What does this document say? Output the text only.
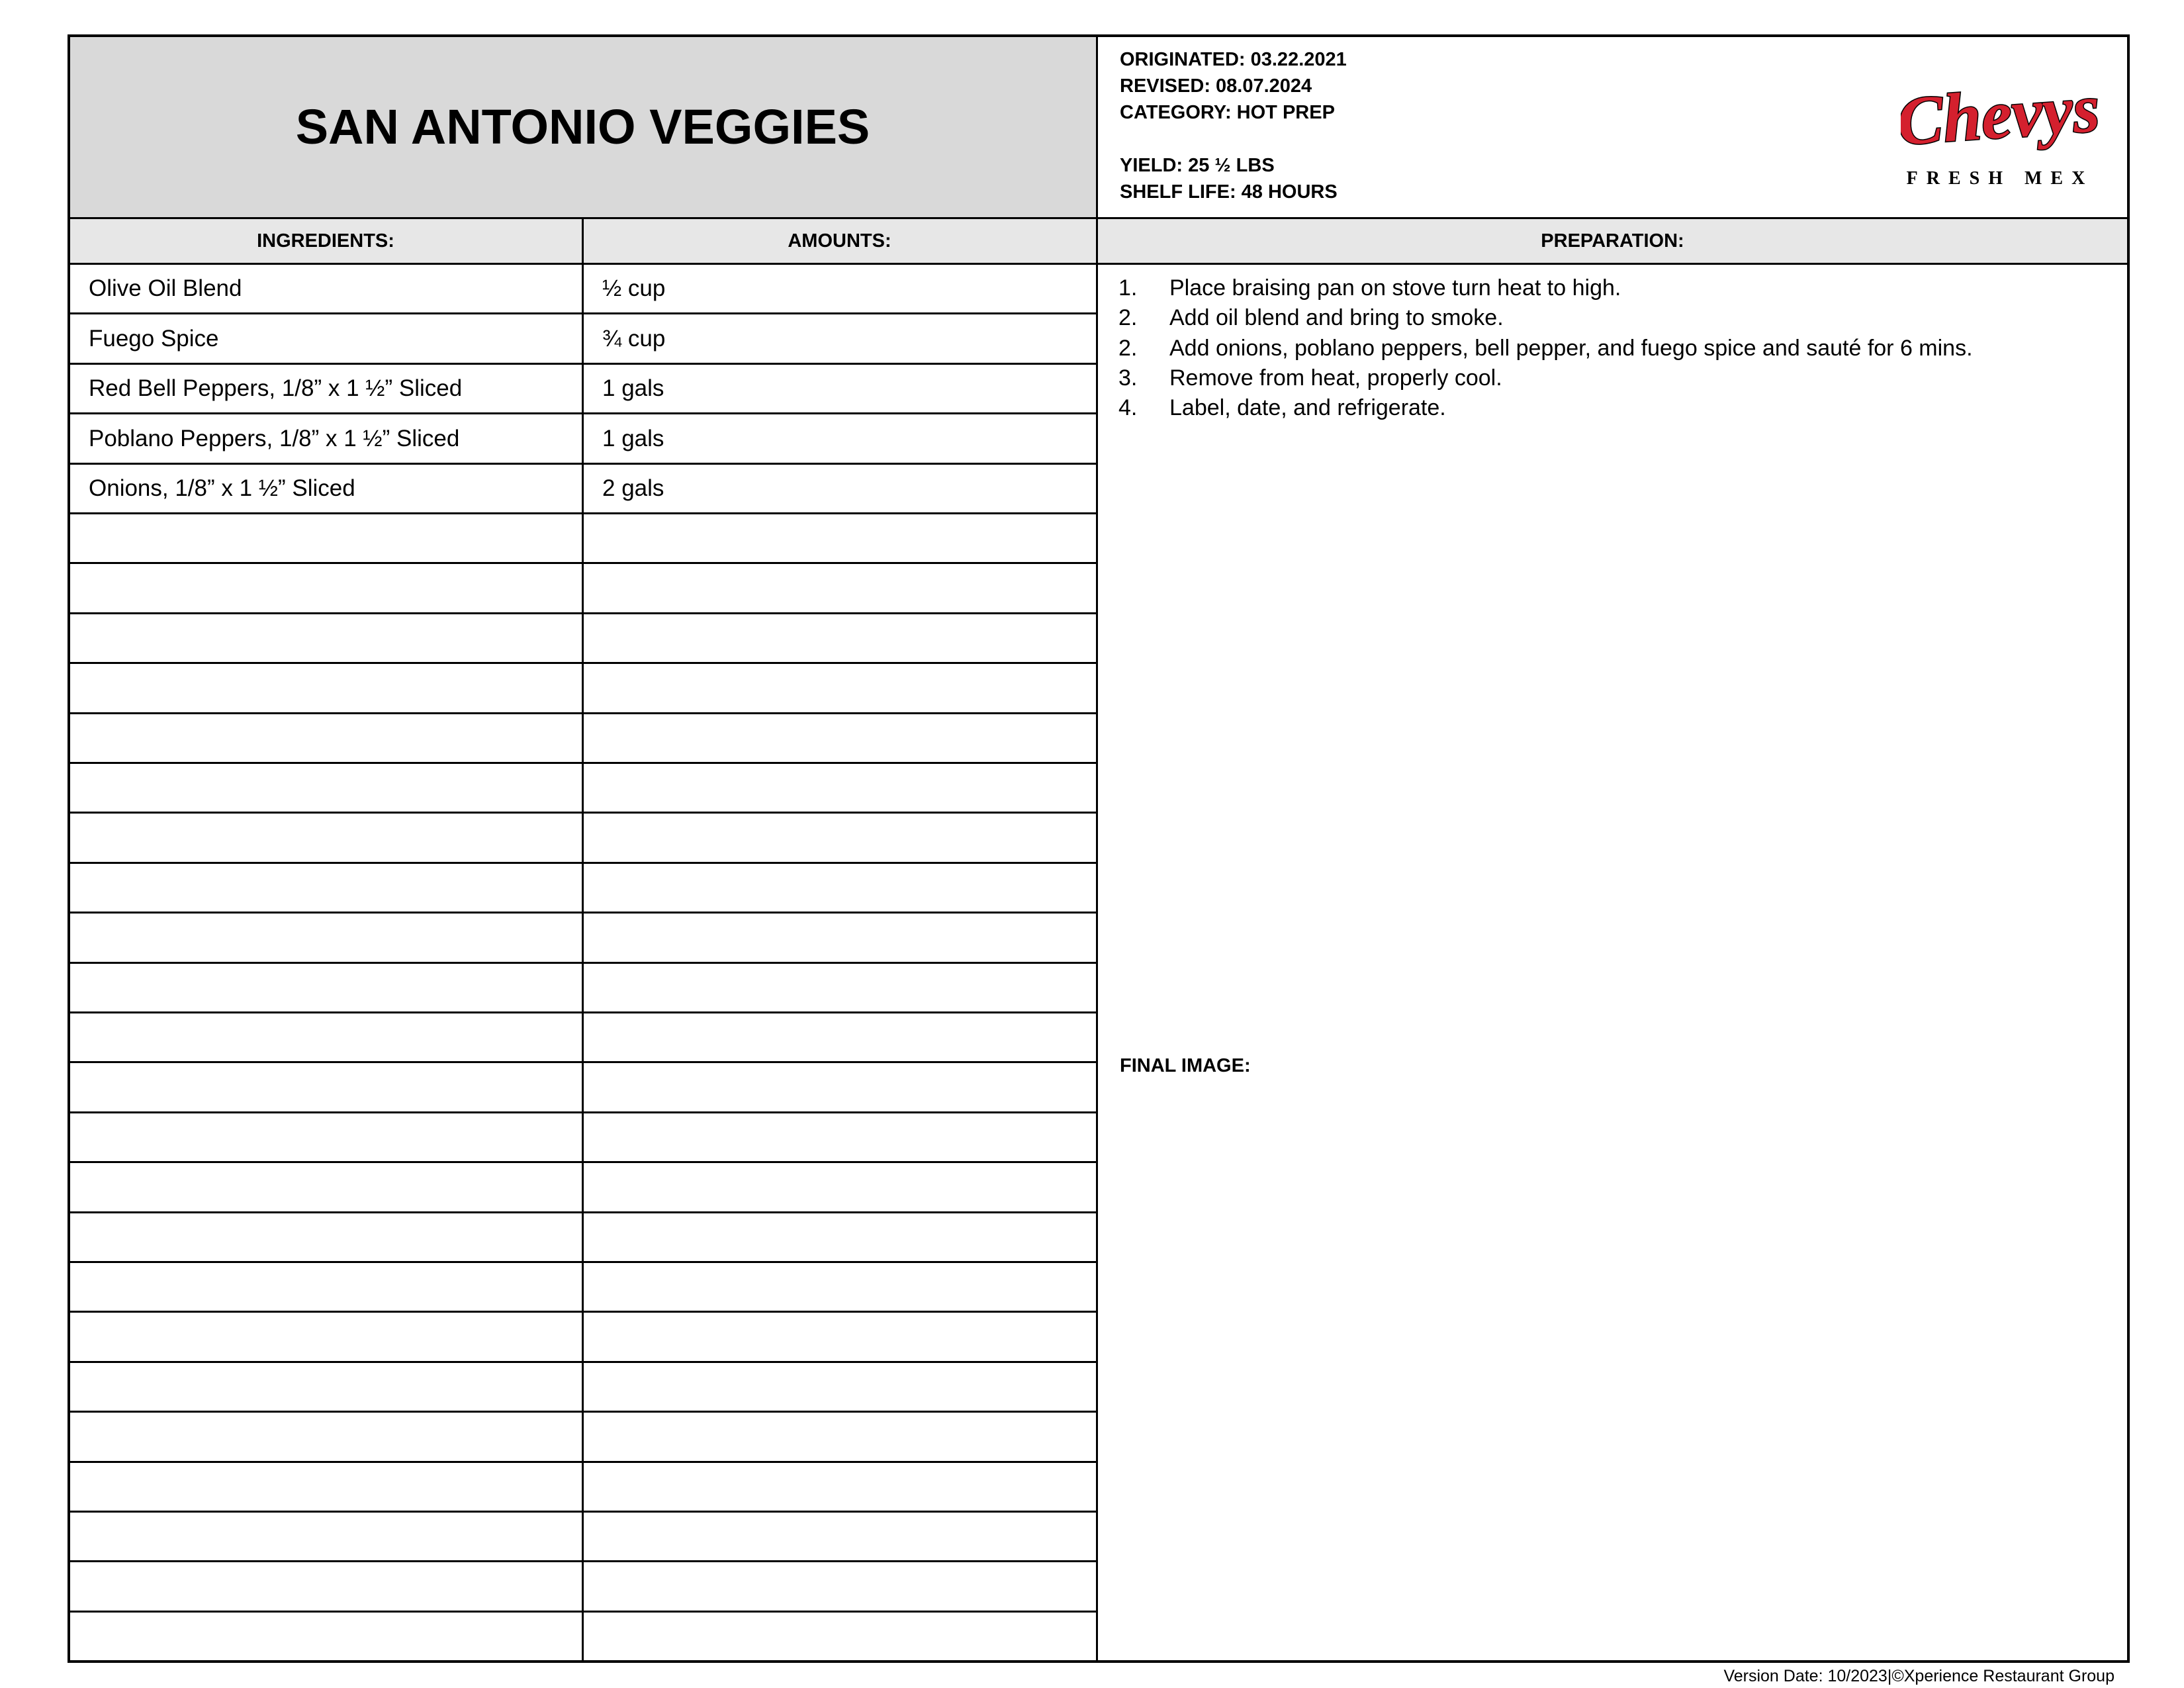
SAN ANTONIO VEGGIES
ORIGINATED: 03.22.2021
REVISED: 08.07.2024
CATEGORY: HOT PREP
YIELD: 25 ½ LBS
SHELF LIFE: 48 HOURS
Chevys
FRESH MEX
INGREDIENTS:	AMOUNTS:	PREPARATION:
Olive Oil Blend	½ cup
Fuego Spice	¾ cup
Red Bell Peppers, 1/8” x 1 ½” Sliced	1 gals
Poblano Peppers, 1/8” x 1 ½” Sliced	1 gals
Onions, 1/8” x 1 ½” Sliced	2 gals
1. Place braising pan on stove turn heat to high.
2. Add oil blend and bring to smoke.
2. Add onions, poblano peppers, bell pepper, and fuego spice and sauté for 6 mins.
3. Remove from heat, properly cool.
4. Label, date, and refrigerate.
FINAL IMAGE:
Version Date: 10/2023|©Xperience Restaurant Group
